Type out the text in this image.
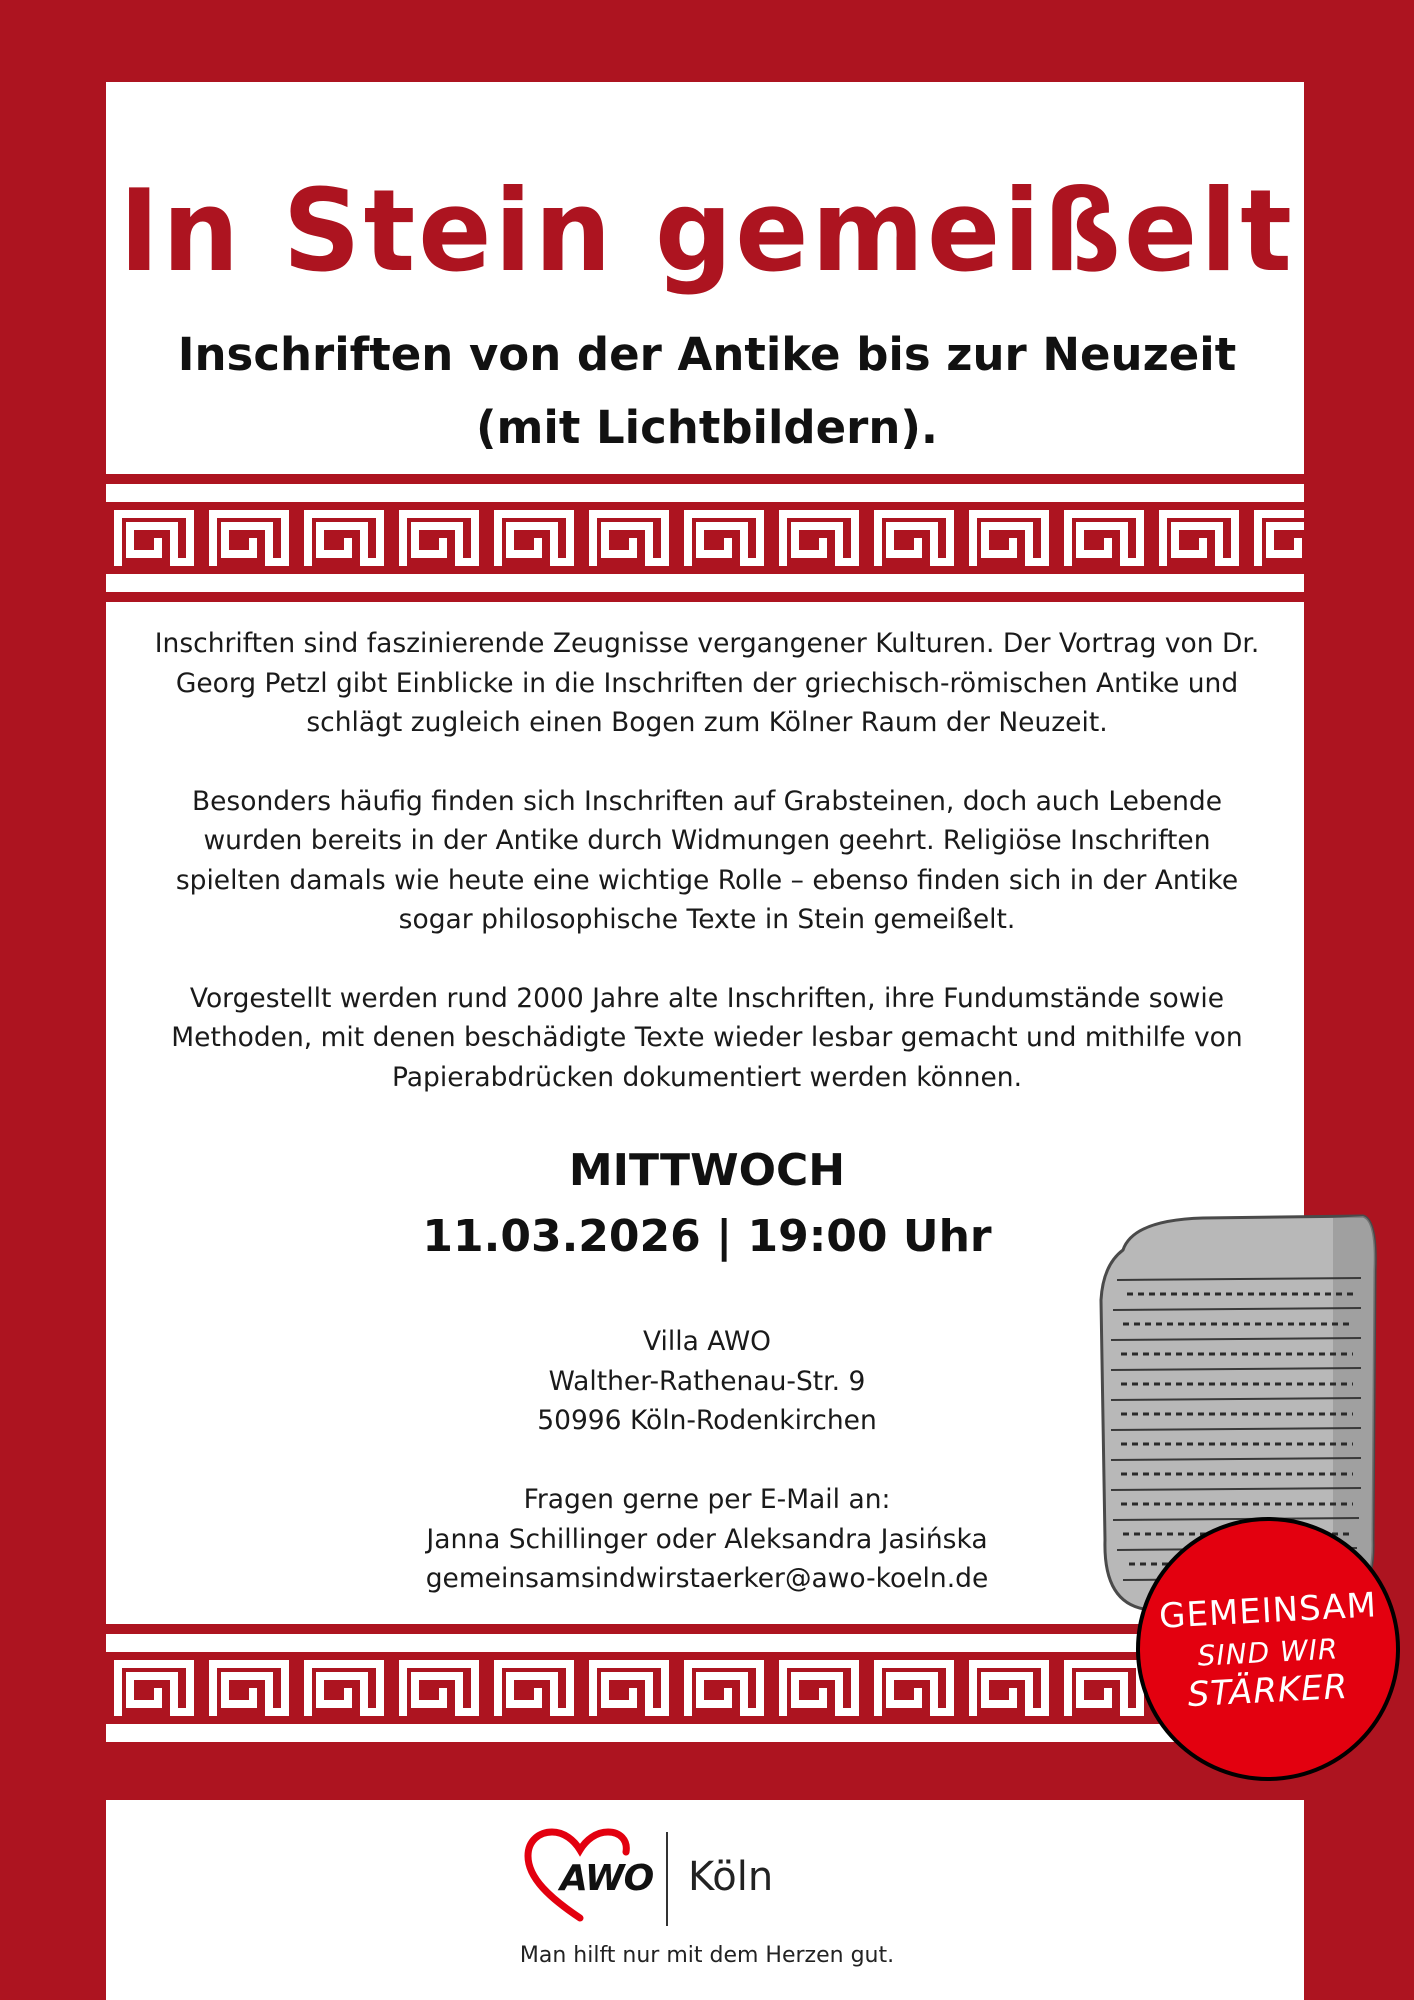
In Stein gemeißelt
Inschriften von der Antike bis zur Neuzeit
(mit Lichtbildern).

Inschriften sind faszinierende Zeugnisse vergangener Kulturen. Der Vortrag von Dr. Georg Petzl gibt Einblicke in die Inschriften der griechisch-römischen Antike und schlägt zugleich einen Bogen zum Kölner Raum der Neuzeit.

Besonders häufig finden sich Inschriften auf Grabsteinen, doch auch Lebende wurden bereits in der Antike durch Widmungen geehrt. Religiöse Inschriften spielten damals wie heute eine wichtige Rolle – ebenso finden sich in der Antike sogar philosophische Texte in Stein gemeißelt.

Vorgestellt werden rund 2000 Jahre alte Inschriften, ihre Fundumstände sowie Methoden, mit denen beschädigte Texte wieder lesbar gemacht und mithilfe von Papierabdrücken dokumentiert werden können.

MITTWOCH
11.03.2026 | 19:00 Uhr
Villa AWO
Walther-Rathenau-Str. 9
50996 Köln-Rodenkirchen
Fragen gerne per E-Mail an:
Janna Schillinger oder Aleksandra Jasińska
gemeinsamsindwirstaerker@awo-koeln.de
GEMEINSAM
SIND WIR
STÄRKER
AWO Köln
Man hilft nur mit dem Herzen gut.
